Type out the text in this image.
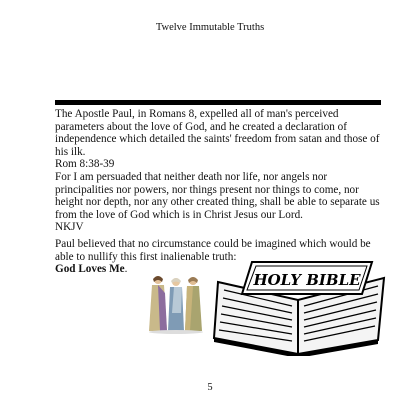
Twelve Immutable Truths

The Apostle Paul, in Romans 8, expelled all of man's perceived parameters about the love of God, and he created a declaration of independence which detailed the saints' freedom from satan and those of his ilk.

Rom 8:38-39

For I am persuaded that neither death nor life, nor angels nor principalities nor powers, nor things present nor things to come, nor height nor depth, nor any other created thing, shall be able to separate us from the love of God which is in Christ Jesus our Lord.

NKJV

Paul believed that no circumstance could be imagined which would be able to nullify this first inalienable truth:

God Loves Me.

HOLY BIBLE
5
